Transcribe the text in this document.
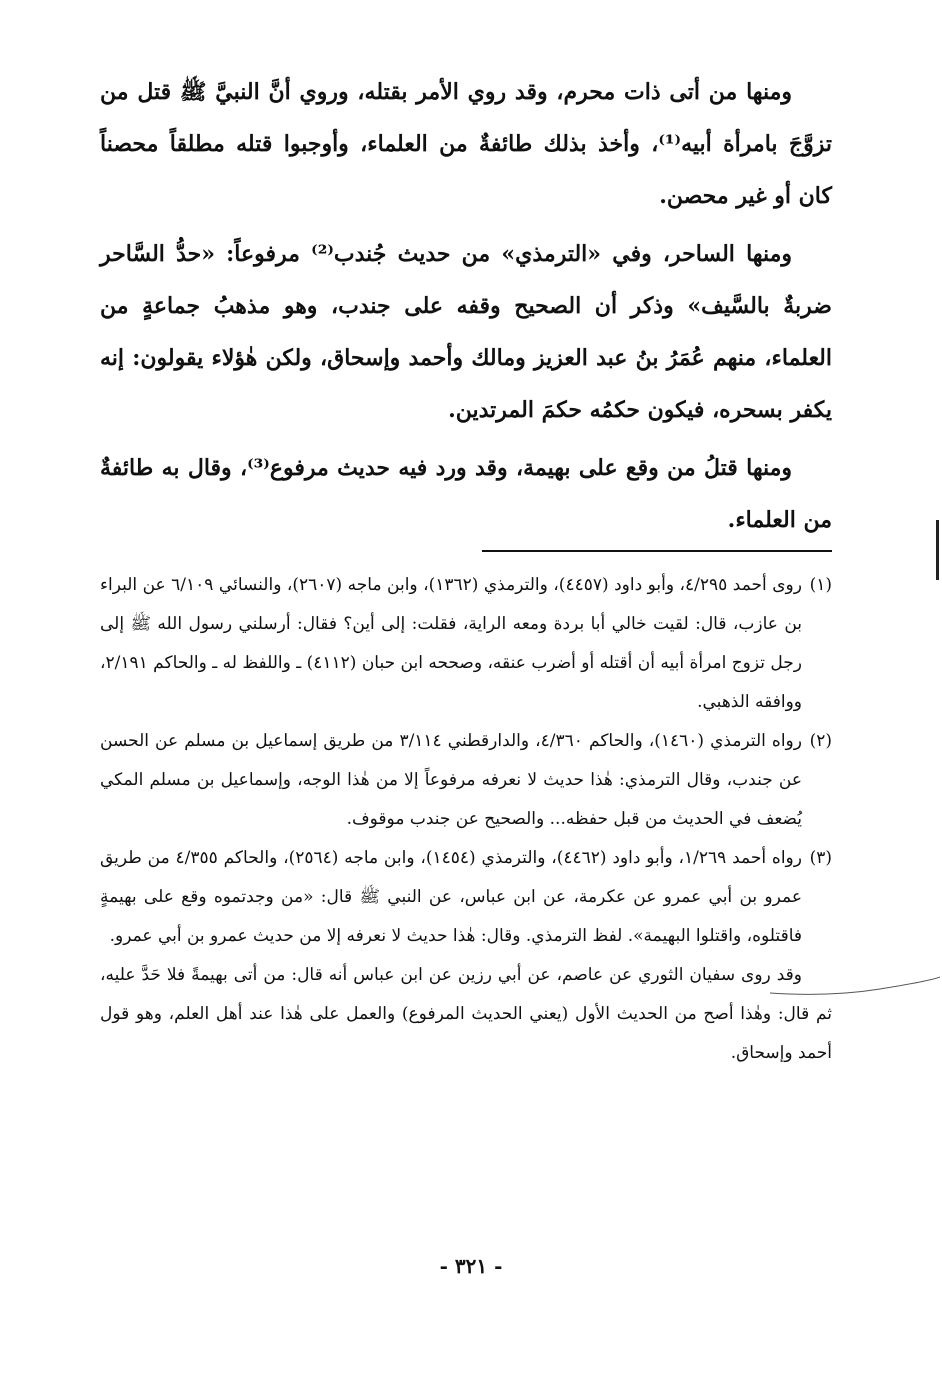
ومنها من أتى ذات محرم، وقد روي الأمر بقتله، وروي أنَّ النبيَّ ﷺ قتل من تزوَّجَ بامرأة أبيه⁽¹⁾، وأخذ بذلك طائفةٌ من العلماء، وأوجبوا قتله مطلقاً محصناً كان أو غير محصن.

ومنها الساحر، وفي «الترمذي» من حديث جُندب⁽²⁾ مرفوعاً: «حدُّ السَّاحر ضربةٌ بالسَّيف» وذكر أن الصحيح وقفه على جندب، وهو مذهبُ جماعةٍ من العلماء، منهم عُمَرُ بنُ عبد العزيز ومالك وأحمد وإسحاق، ولكن هٰؤلاء يقولون: إنه يكفر بسحره، فيكون حكمُه حكمَ المرتدين.

ومنها قتلُ من وقع على بهيمة، وقد ورد فيه حديث مرفوع⁽³⁾، وقال به طائفةٌ من العلماء.

(١)
روى أحمد ٤/٢٩٥، وأبو داود (٤٤٥٧)، والترمذي (١٣٦٢)، وابن ماجه (٢٦٠٧)، والنسائي ٦/١٠٩ عن البراء بن عازب، قال: لقيت خالي أبا بردة ومعه الراية، فقلت: إلى أين؟ فقال: أرسلني رسول الله ﷺ إلى رجل تزوج امرأة أبيه أن أقتله أو أضرب عنقه، وصححه ابن حبان (٤١١٢) ـ واللفظ له ـ والحاكم ٢/١٩١، ووافقه الذهبي.
(٢)
رواه الترمذي (١٤٦٠)، والحاكم ٤/٣٦٠، والدارقطني ٣/١١٤ من طريق إسماعيل بن مسلم عن الحسن عن جندب، وقال الترمذي: هٰذا حديث لا نعرفه مرفوعاً إلا من هٰذا الوجه، وإسماعيل بن مسلم المكي يُضعف في الحديث من قبل حفظه... والصحيح عن جندب موقوف.
(٣)
رواه أحمد ١/٢٦٩، وأبو داود (٤٤٦٢)، والترمذي (١٤٥٤)، وابن ماجه (٢٥٦٤)، والحاكم ٤/٣٥٥ من طريق عمرو بن أبي عمرو عن عكرمة، عن ابن عباس، عن النبي ﷺ قال: «من وجدتموه وقع على بهيمةٍ فاقتلوه، واقتلوا البهيمة». لفظ الترمذي. وقال: هٰذا حديث لا نعرفه إلا من حديث عمرو بن أبي عمرو.

وقد روى سفيان الثوري عن عاصم، عن أبي رزين عن ابن عباس أنه قال: من أتى بهيمةً فلا حَدَّ عليه، ثم قال: وهٰذا أصح من الحديث الأول (يعني الحديث المرفوع) والعمل على هٰذا عند أهل العلم، وهو قول أحمد وإسحاق.

- ٣٢١ -
